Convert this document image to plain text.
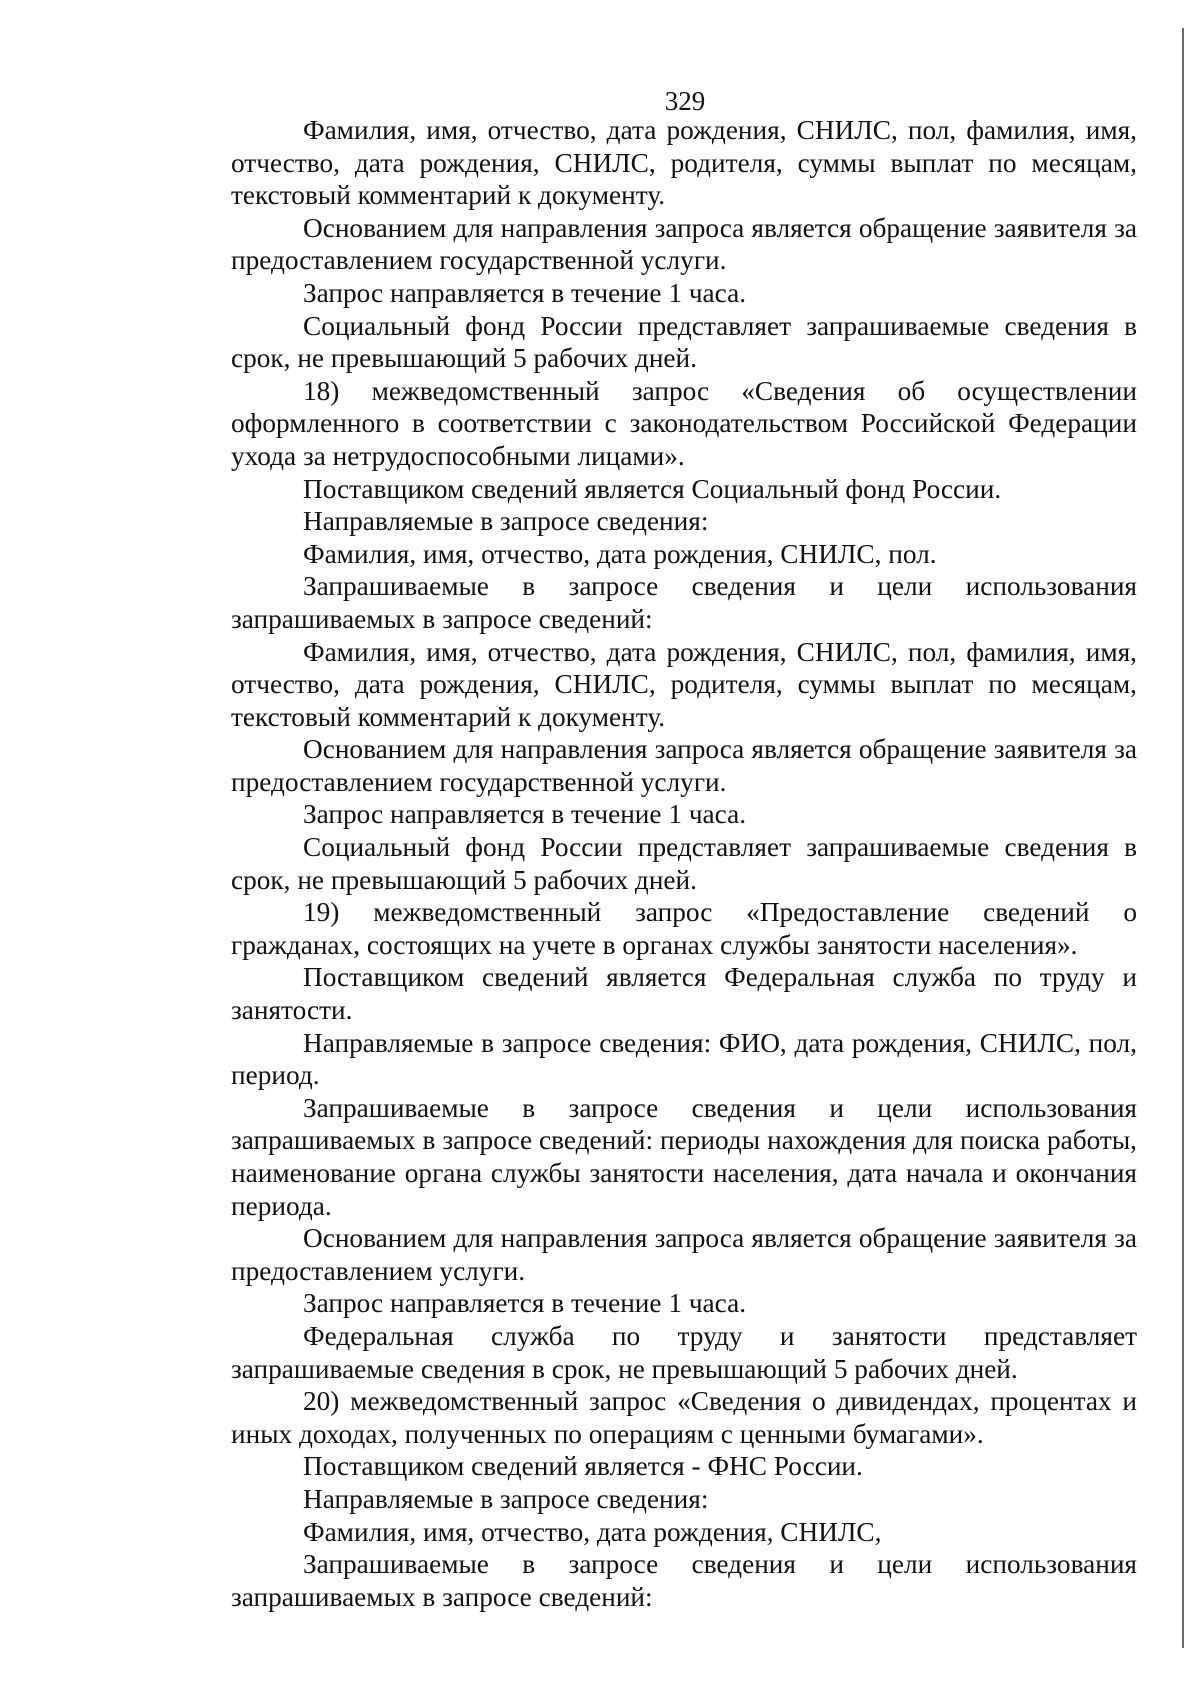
329

Фамилия, имя, отчество, дата рождения, СНИЛС, пол, фамилия, имя, отчество, дата рождения, СНИЛС, родителя, суммы выплат по месяцам, текстовый комментарий к документу.

Основанием для направления запроса является обращение заявителя за предоставлением государственной услуги.

Запрос направляется в течение 1 часа.

Социальный фонд России представляет запрашиваемые сведения в срок, не превышающий 5 рабочих дней.

18) межведомственный запрос «Сведения об осуществлении оформленного в соответствии с законодательством Российской Федерации ухода за нетрудоспособными лицами».

Поставщиком сведений является Социальный фонд России.

Направляемые в запросе сведения:

Фамилия, имя, отчество, дата рождения, СНИЛС, пол.

Запрашиваемые в запросе сведения и цели использования запрашиваемых в запросе сведений:

Фамилия, имя, отчество, дата рождения, СНИЛС, пол, фамилия, имя, отчество, дата рождения, СНИЛС, родителя, суммы выплат по месяцам, текстовый комментарий к документу.

Основанием для направления запроса является обращение заявителя за предоставлением государственной услуги.

Запрос направляется в течение 1 часа.

Социальный фонд России представляет запрашиваемые сведения в срок, не превышающий 5 рабочих дней.

19) межведомственный запрос «Предоставление сведений о гражданах, состоящих на учете в органах службы занятости населения».

Поставщиком сведений является Федеральная служба по труду и занятости.

Направляемые в запросе сведения: ФИО, дата рождения, СНИЛС, пол, период.

Запрашиваемые в запросе сведения и цели использования запрашиваемых в запросе сведений: периоды нахождения для поиска работы, наименование органа службы занятости населения, дата начала и окончания периода.

Основанием для направления запроса является обращение заявителя за предоставлением услуги.

Запрос направляется в течение 1 часа.

Федеральная служба по труду и занятости представляет запрашиваемые сведения в срок, не превышающий 5 рабочих дней.

20) межведомственный запрос «Сведения о дивидендах, процентах и иных доходах, полученных по операциям с ценными бумагами».

Поставщиком сведений является - ФНС России.

Направляемые в запросе сведения:

Фамилия, имя, отчество, дата рождения, СНИЛС,

Запрашиваемые в запросе сведения и цели использования запрашиваемых в запросе сведений:
